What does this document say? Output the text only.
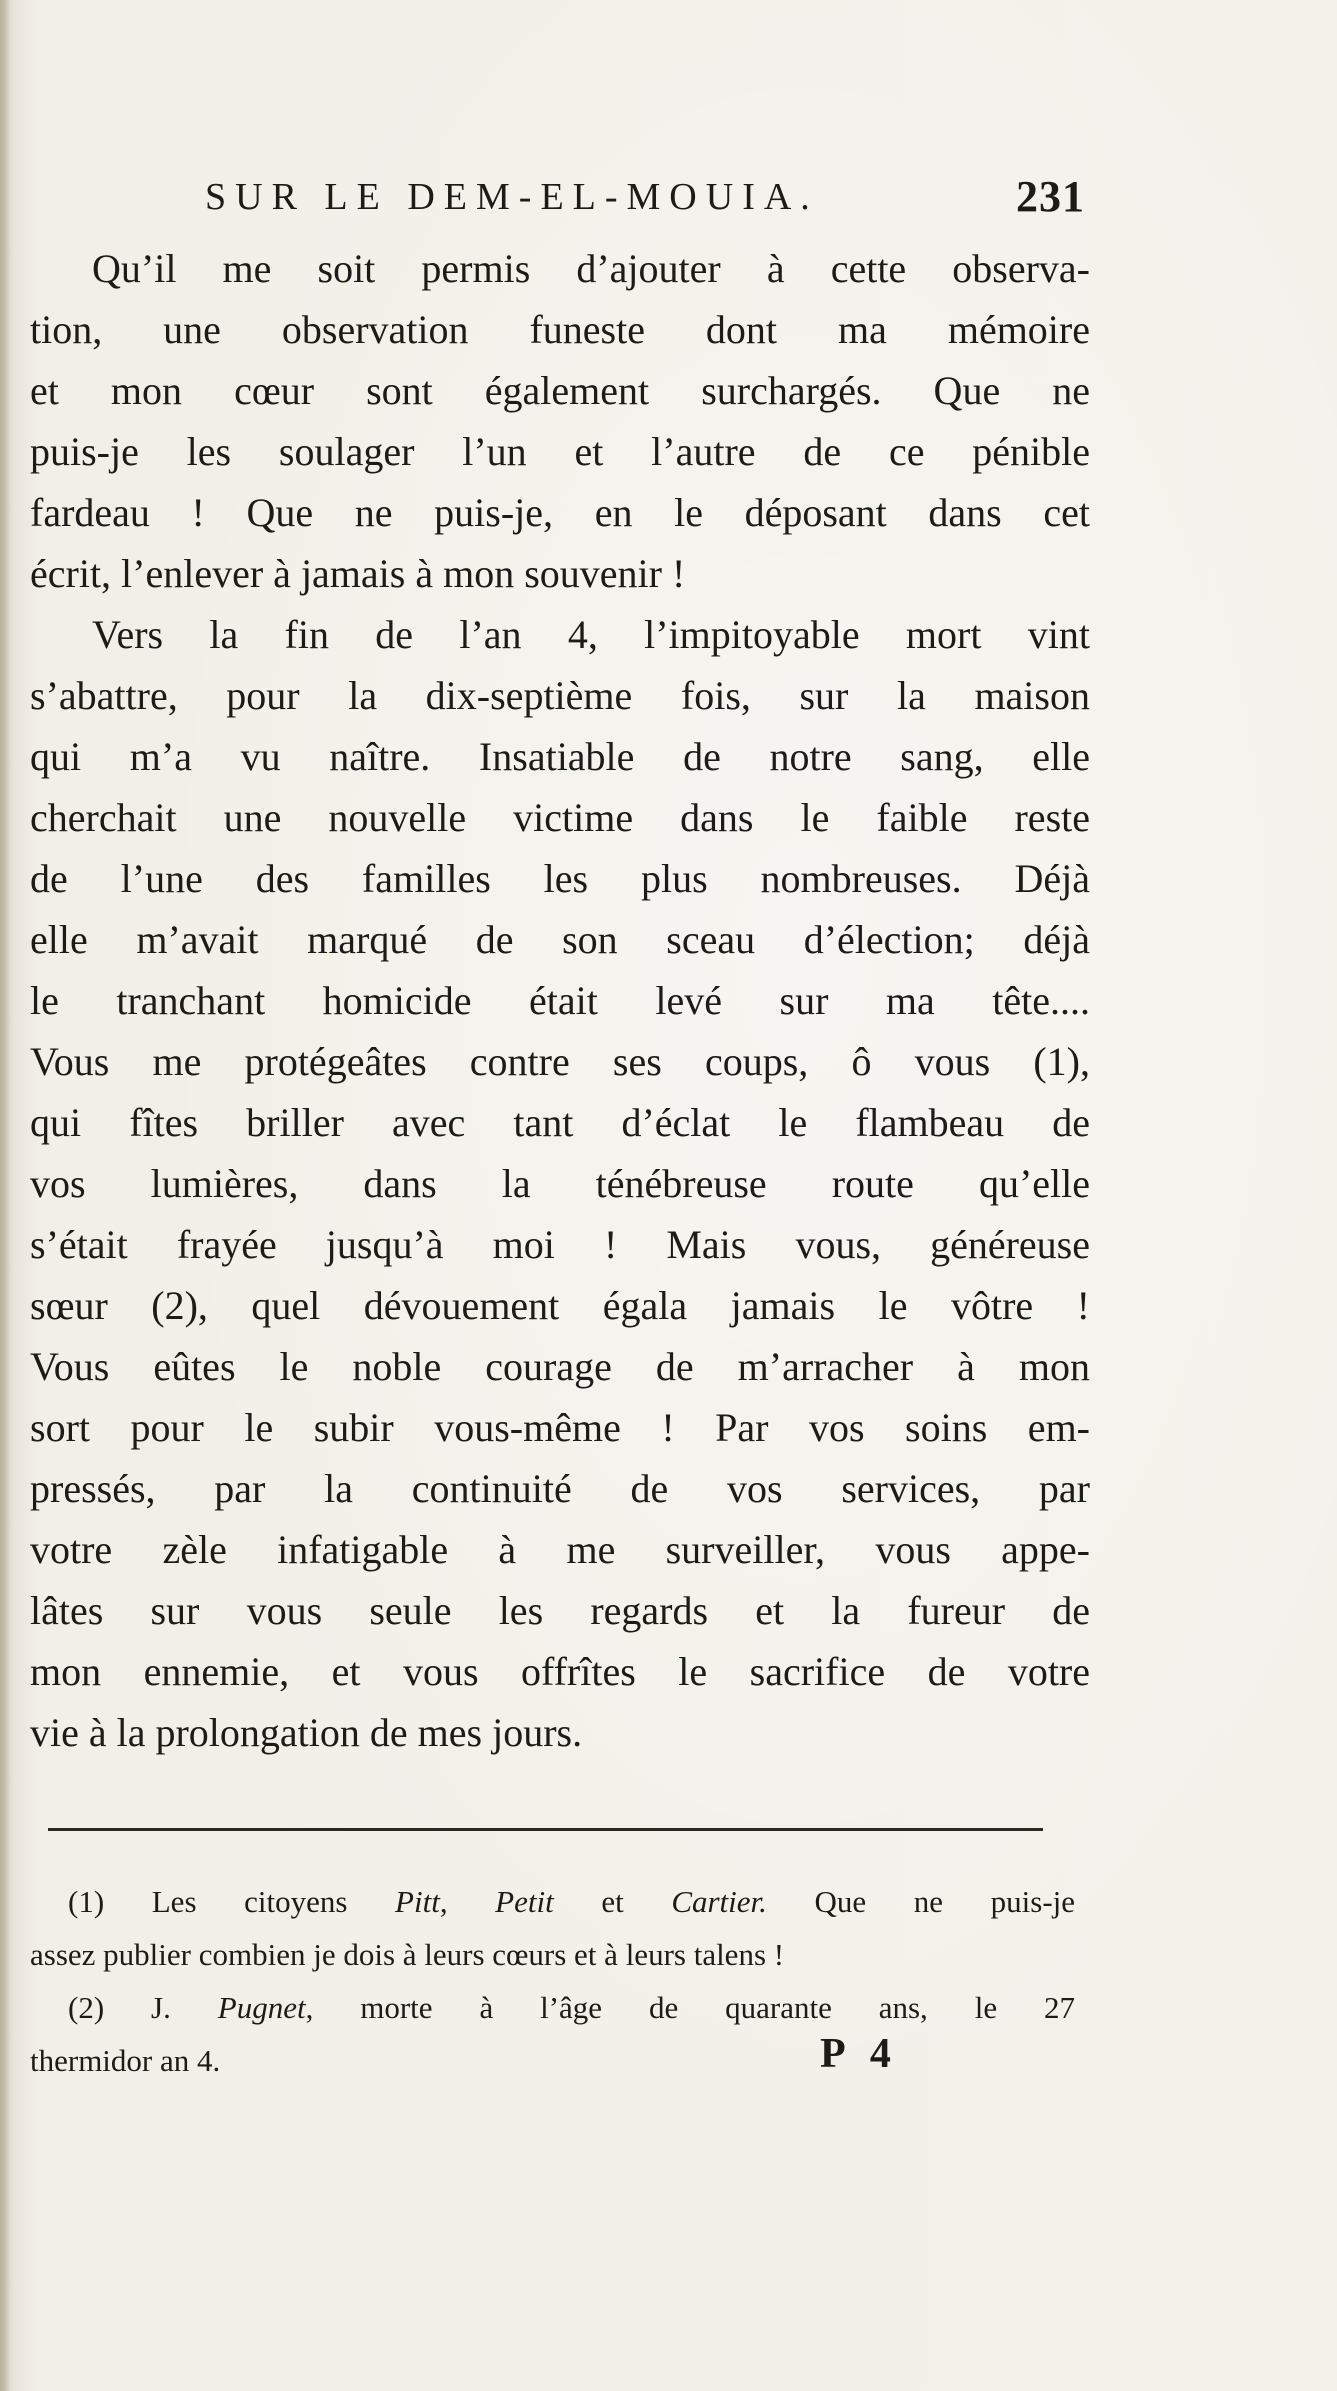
SUR LE DEM-EL-MOUIA.	231
Qu’il me soit permis d’ajouter à cette observa-
tion, une observation funeste dont ma mémoire
et mon cœur sont également surchargés. Que ne
puis-je les soulager l’un et l’autre de ce pénible
fardeau ! Que ne puis-je, en le déposant dans cet
écrit, l’enlever à jamais à mon souvenir !
Vers la fin de l’an 4, l’impitoyable mort vint
s’abattre, pour la dix-septième fois, sur la maison
qui m’a vu naître. Insatiable de notre sang, elle
cherchait une nouvelle victime dans le faible reste
de l’une des familles les plus nombreuses. Déjà
elle m’avait marqué de son sceau d’élection; déjà
le tranchant homicide était levé sur ma tête....
Vous me protégeâtes contre ses coups, ô vous (1),
qui fîtes briller avec tant d’éclat le flambeau de
vos lumières, dans la ténébreuse route qu’elle
s’était frayée jusqu’à moi ! Mais vous, généreuse
sœur (2), quel dévouement égala jamais le vôtre !
Vous eûtes le noble courage de m’arracher à mon
sort pour le subir vous-même ! Par vos soins em-
pressés, par la continuité de vos services, par
votre zèle infatigable à me surveiller, vous appe-
lâtes sur vous seule les regards et la fureur de
mon ennemie, et vous offrîtes le sacrifice de votre
vie à la prolongation de mes jours.
(1) Les citoyens Pitt, Petit et Cartier. Que ne puis-je
assez publier combien je dois à leurs cœurs et à leurs talens !
(2) J. Pugnet, morte à l’âge de quarante ans, le 27
thermidor an 4.	P 4
